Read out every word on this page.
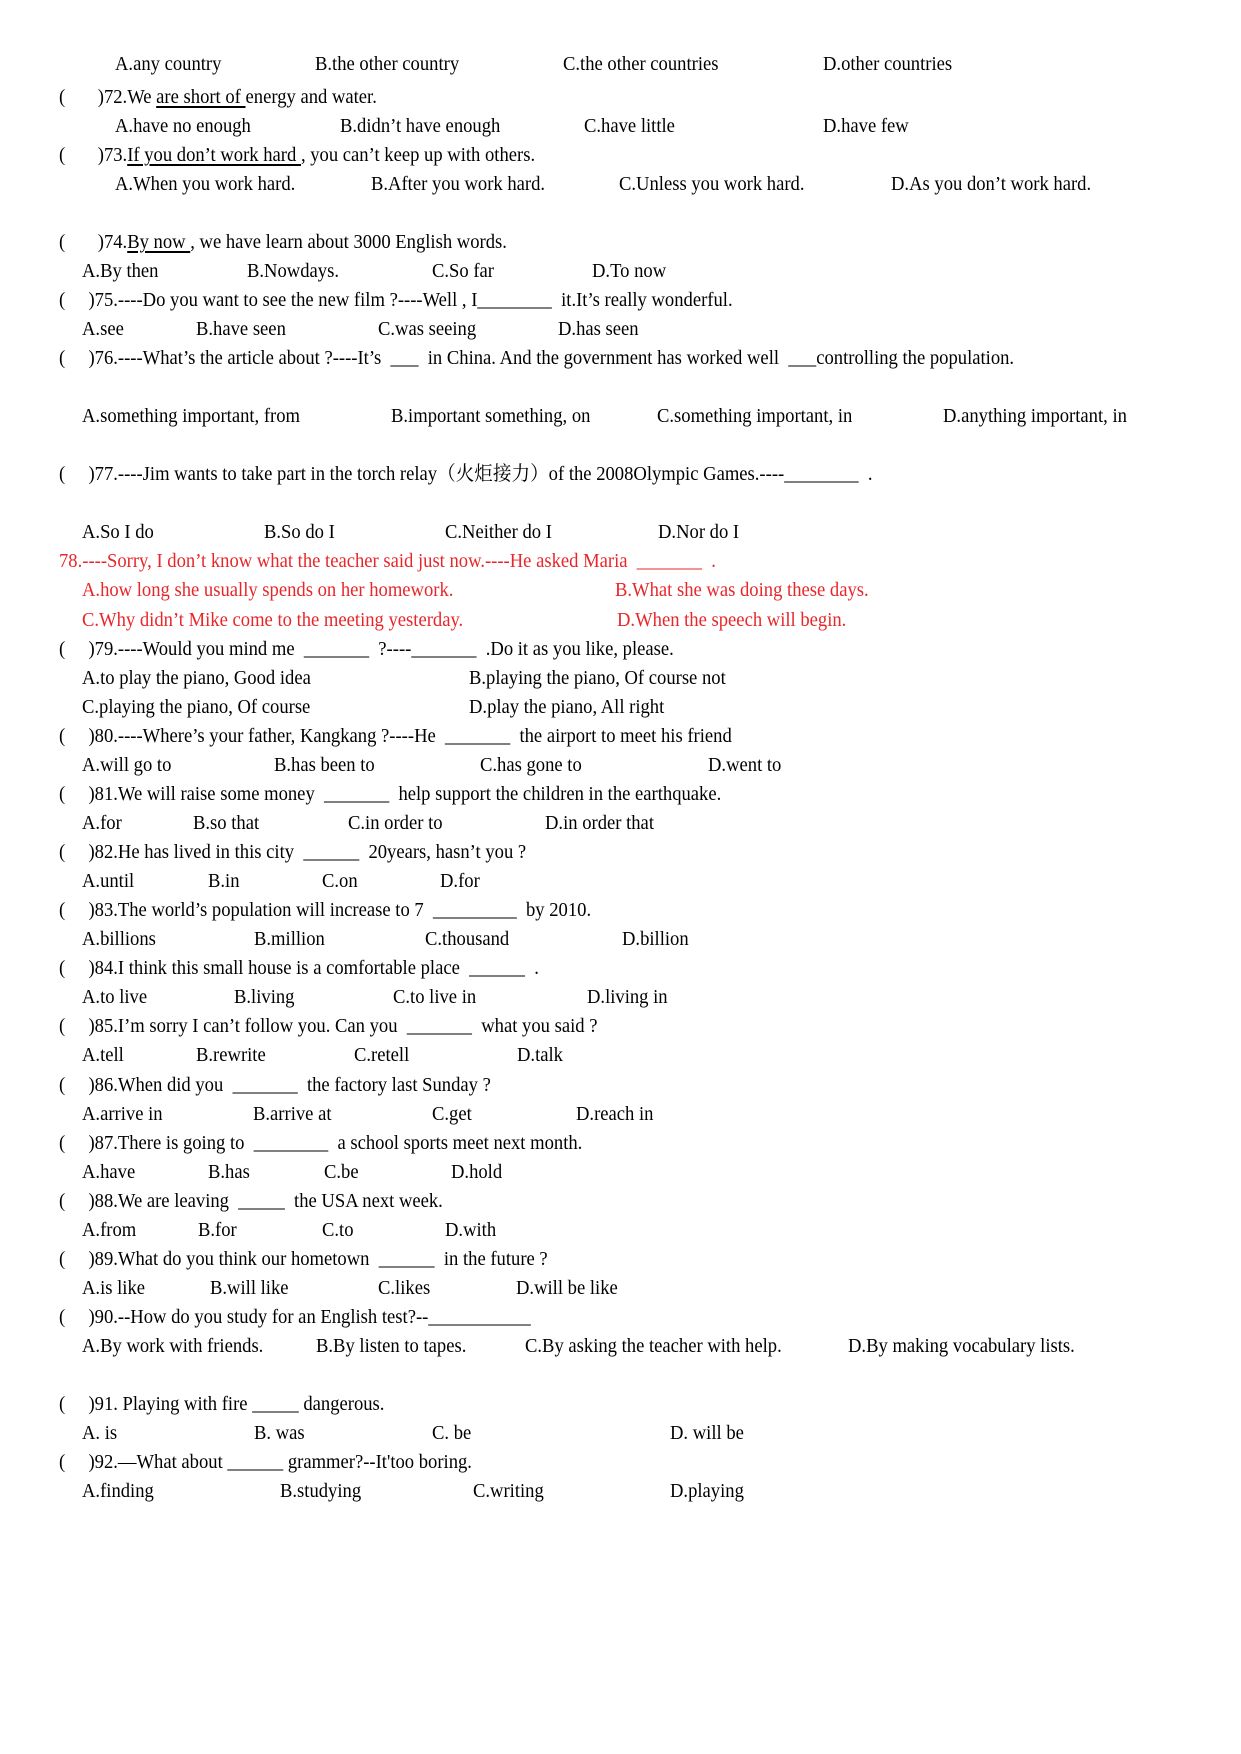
A.any country	B.the other country	C.the other countries	D.other countries
(       )72.We are short of energy and water.
A.have no enough	B.didn’t have enough	C.have little	D.have few
(       )73.If you don’t work hard , you can’t keep up with others.
A.When you work hard.	B.After you work hard.	C.Unless you work hard.	D.As you don’t work hard.
(       )74.By now , we have learn about 3000 English words.
A.By then	B.Nowdays.	C.So far	D.To now
(     )75.----Do you want to see the new film ?----Well , I________  it.It’s really wonderful.
A.see	B.have seen	C.was seeing	D.has seen
(     )76.----What’s the article about ?----It’s  ___  in China. And the government has worked well  ___controlling the population.
A.something important, from	B.important something, on	C.something important, in	D.anything important, in
(     )77.----Jim wants to take part in the torch relay（火炬接力）of the 2008Olympic Games.----________  .
A.So I do	B.So do I	C.Neither do I	D.Nor do I
78.----Sorry, I don’t know what the teacher said just now.----He asked Maria  _______  .
A.how long she usually spends on her homework.	B.What she was doing these days.
C.Why didn’t Mike come to the meeting yesterday.	D.When the speech will begin.
(     )79.----Would you mind me  _______  ?----_______  .Do it as you like, please.
A.to play the piano, Good idea	B.playing the piano, Of course not
C.playing the piano, Of course	D.play the piano, All right
(     )80.----Where’s your father, Kangkang ?----He  _______  the airport to meet his friend
A.will go to	B.has been to	C.has gone to	D.went to
(     )81.We will raise some money  _______  help support the children in the earthquake.
A.for	B.so that	C.in order to	D.in order that
(     )82.He has lived in this city  ______  20years, hasn’t you ?
A.until	B.in	C.on	D.for
(     )83.The world’s population will increase to 7  _________  by 2010.
A.billions	B.million	C.thousand	D.billion
(     )84.I think this small house is a comfortable place  ______  .
A.to live	B.living	C.to live in	D.living in
(     )85.I’m sorry I can’t follow you. Can you  _______  what you said ?
A.tell	B.rewrite	C.retell	D.talk
(     )86.When did you  _______  the factory last Sunday ?
A.arrive in	B.arrive at	C.get	D.reach in
(     )87.There is going to  ________  a school sports meet next month.
A.have	B.has	C.be	D.hold
(     )88.We are leaving  _____  the USA next week.
A.from	B.for	C.to	D.with
(     )89.What do you think our hometown  ______  in the future ?
A.is like	B.will like	C.likes	D.will be like
(     )90.--How do you study for an English test?--___________
A.By work with friends.	B.By listen to tapes.	C.By asking the teacher with help.	D.By making vocabulary lists.
(     )91. Playing with fire _____ dangerous.
A. is	B. was	C. be	D. will be
(     )92.—What about ______ grammer?--It'too boring.
A.finding	B.studying	C.writing	D.playing
